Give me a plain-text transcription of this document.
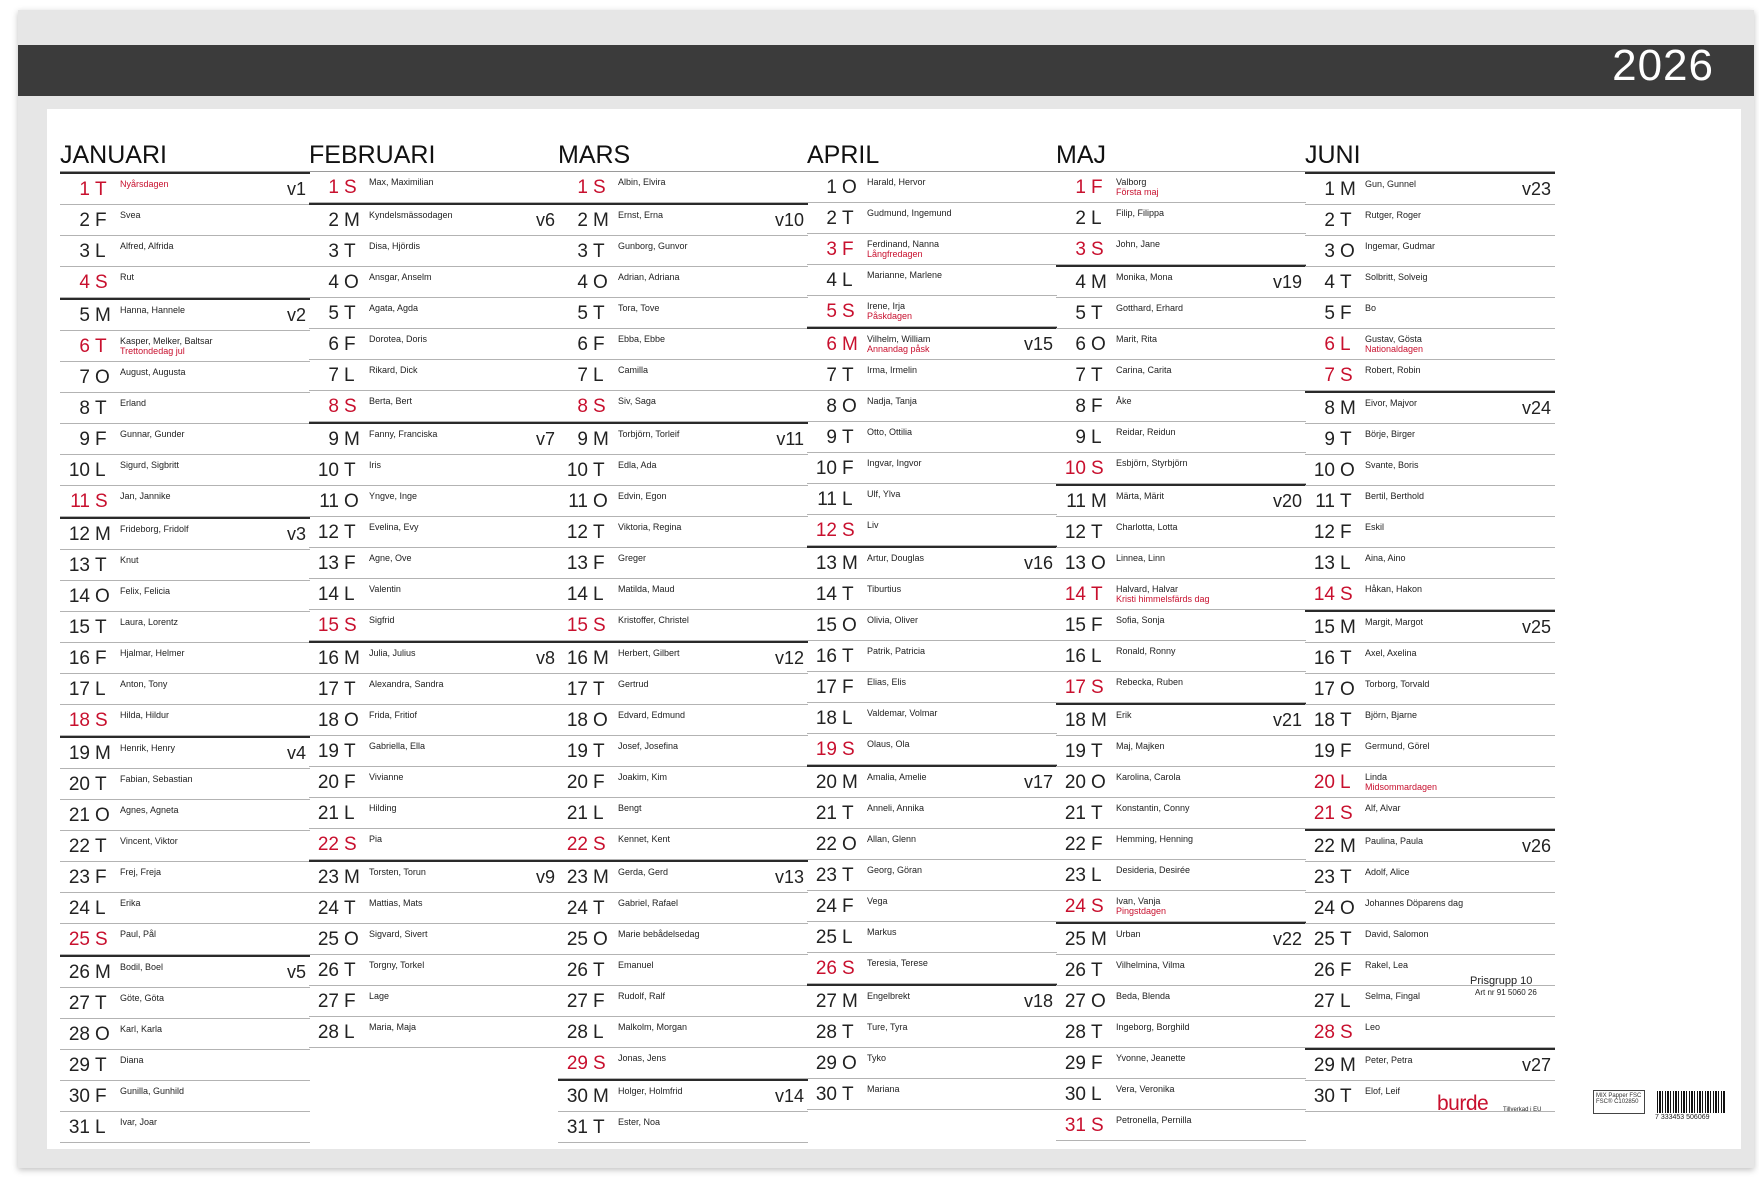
2026
JANUARI
1 T	Nyårsdagen	v1
2 F	Svea
3 L	Alfred, Alfrida
4 S	Rut
5 M Hanna, Hannele	v2
6 T	Kasper, Melker, Baltsar
Trettondedag jul
7 O August, Augusta
8 T	Erland
9 F	Gunnar, Gunder
10 L	Sigurd, Sigbritt
11 S	Jan, Jannike
12 M Frideborg, Fridolf	v3
13 T	Knut
14 O Felix, Felicia
15 T	Laura, Lorentz
16 F	Hjalmar, Helmer
17 L	Anton, Tony
18 S	Hilda, Hildur
19 M Henrik, Henry	v4
20 T	Fabian, Sebastian
21 O Agnes, Agneta
22 T	Vincent, Viktor
23 F	Frej, Freja
24 L	Erika
25 S	Paul, Pål
26 M Bodil, Boel	v5
27 T	Göte, Göta
28 O Karl, Karla
29 T	Diana
30 F	Gunilla, Gunhild
31 L	Ivar, Joar
FEBRUARI
1 S	Max, Maximilian
2 M Kyndelsmässodagen	v6
3 T	Disa, Hjördis
4 O Ansgar, Anselm
5 T	Agata, Agda
6 F	Dorotea, Doris
7 L	Rikard, Dick
8 S	Berta, Bert
9 M Fanny, Franciska	v7
10 T	Iris
11 O Yngve, Inge
12 T	Evelina, Evy
13 F	Agne, Ove
14 L	Valentin
15 S	Sigfrid
16 M Julia, Julius	v8
17 T	Alexandra, Sandra
18 O Frida, Fritiof
19 T	Gabriella, Ella
20 F	Vivianne
21 L	Hilding
22 S	Pia
23 M Torsten, Torun	v9
24 T	Mattias, Mats
25 O Sigvard, Sivert
26 T	Torgny, Torkel
27 F	Lage
28 L	Maria, Maja
MARS
1 S	Albin, Elvira
2 M Ernst, Erna	v10
3 T	Gunborg, Gunvor
4 O Adrian, Adriana
5 T	Tora, Tove
6 F	Ebba, Ebbe
7 L	Camilla
8 S	Siv, Saga
9 M Torbjörn, Torleif	v11
10 T	Edla, Ada
11 O Edvin, Egon
12 T	Viktoria, Regina
13 F	Greger
14 L	Matilda, Maud
15 S	Kristoffer, Christel
16 M Herbert, Gilbert	v12
17 T	Gertrud
18 O Edvard, Edmund
19 T	Josef, Josefina
20 F	Joakim, Kim
21 L	Bengt
22 S	Kennet, Kent
23 M Gerda, Gerd	v13
24 T	Gabriel, Rafael
25 O Marie bebådelsedag
26 T	Emanuel
27 F	Rudolf, Ralf
28 L	Malkolm, Morgan
29 S	Jonas, Jens
30 M Holger, Holmfrid	v14
31 T	Ester, Noa
APRIL
1 O Harald, Hervor
2 T	Gudmund, Ingemund
3 F	Ferdinand, Nanna
Långfredagen
4 L	Marianne, Marlene
5 S	Irene, Irja
Påskdagen
6 M Vilhelm, William
Annandag påsk	v15
7 T	Irma, Irmelin
8 O Nadja, Tanja
9 T	Otto, Ottilia
10 F	Ingvar, Ingvor
11 L	Ulf, Ylva
12 S	Liv
13 M Artur, Douglas	v16
14 T	Tiburtius
15 O Olivia, Oliver
16 T	Patrik, Patricia
17 F	Elias, Elis
18 L	Valdemar, Volmar
19 S	Olaus, Ola
20 M Amalia, Amelie	v17
21 T	Anneli, Annika
22 O Allan, Glenn
23 T	Georg, Göran
24 F	Vega
25 L	Markus
26 S	Teresia, Terese
27 M Engelbrekt	v18
28 T	Ture, Tyra
29 O Tyko
30 T	Mariana
MAJ
1 F	Valborg
Första maj
2 L	Filip, Filippa
3 S	John, Jane
4 M Monika, Mona	v19
5 T	Gotthard, Erhard
6 O Marit, Rita
7 T	Carina, Carita
8 F	Åke
9 L	Reidar, Reidun
10 S	Esbjörn, Styrbjörn
11 M Märta, Märit	v20
12 T	Charlotta, Lotta
13 O Linnea, Linn
14 T	Halvard, Halvar
Kristi himmelsfärds dag
15 F	Sofia, Sonja
16 L	Ronald, Ronny
17 S	Rebecka, Ruben
18 M Erik	v21
19 T	Maj, Majken
20 O Karolina, Carola
21 T	Konstantin, Conny
22 F	Hemming, Henning
23 L	Desideria, Desirée
24 S	Ivan, Vanja
Pingstdagen
25 M Urban	v22
26 T	Vilhelmina, Vilma
27 O Beda, Blenda
28 T	Ingeborg, Borghild
29 F	Yvonne, Jeanette
30 L	Vera, Veronika
31 S	Petronella, Pernilla
JUNI
1 M Gun, Gunnel	v23
2 T	Rutger, Roger
3 O Ingemar, Gudmar
4 T	Solbritt, Solveig
5 F	Bo
6 L	Gustav, Gösta
Nationaldagen
7 S	Robert, Robin
8 M Eivor, Majvor	v24
9 T	Börje, Birger
10 O Svante, Boris
11 T	Bertil, Berthold
12 F	Eskil
13 L	Aina, Aino
14 S	Håkan, Hakon
15 M Margit, Margot	v25
16 T	Axel, Axelina
17 O Torborg, Torvald
18 T	Björn, Bjarne
19 F	Germund, Görel
20 L	Linda
Midsommardagen
21 S	Alf, Alvar
22 M Paulina, Paula	v26
23 T	Adolf, Alice
24 O Johannes Döparens dag
25 T	David, Salomon
26 F	Rakel, Lea
27 L	Selma, Fingal
28 S	Leo
29 M Peter, Petra	v27
30 T	Elof, Leif
Prisgrupp 10
Art nr 91 5060 26
burde Tillverkad i EU
MIX Papper FSC FSC® C102850
7 333453 506069
